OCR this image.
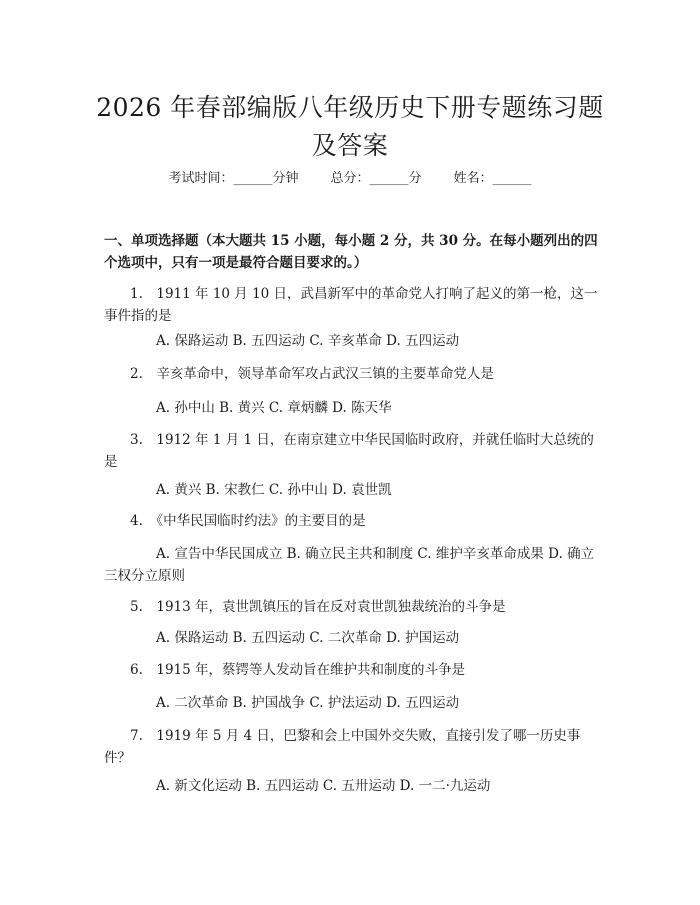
2026 年春部编版八年级历史下册专题练习题
及答案
考试时间：______分钟 总分：______分 姓名：______
一、单项选择题（本大题共 15 小题，每小题 2 分，共 30 分。在每小题列出的四个选项中，只有一项是最符合题目要求的。）
1.　1911 年 10 月 10 日，武昌新军中的革命党人打响了起义的第一枪，这一事件指的是
A. 保路运动 B. 五四运动 C. 辛亥革命 D. 五四运动
2.　辛亥革命中，领导革命军攻占武汉三镇的主要革命党人是
A. 孙中山 B. 黄兴 C. 章炳麟 D. 陈天华
3.　1912 年 1 月 1 日，在南京建立中华民国临时政府，并就任临时大总统的是
A. 黄兴 B. 宋教仁 C. 孙中山 D. 袁世凯
4.　《中华民国临时约法》的主要目的是
A. 宣告中华民国成立 B. 确立民主共和制度 C. 维护辛亥革命成果 D. 确立三权分立原则
5.　1913 年，袁世凯镇压的旨在反对袁世凯独裁统治的斗争是
A. 保路运动 B. 五四运动 C. 二次革命 D. 护国运动
6.　1915 年，蔡锷等人发动旨在维护共和制度的斗争是
A. 二次革命 B. 护国战争 C. 护法运动 D. 五四运动
7.　1919 年 5 月 4 日，巴黎和会上中国外交失败，直接引发了哪一历史事件？
A. 新文化运动 B. 五四运动 C. 五卅运动 D. 一二·九运动
